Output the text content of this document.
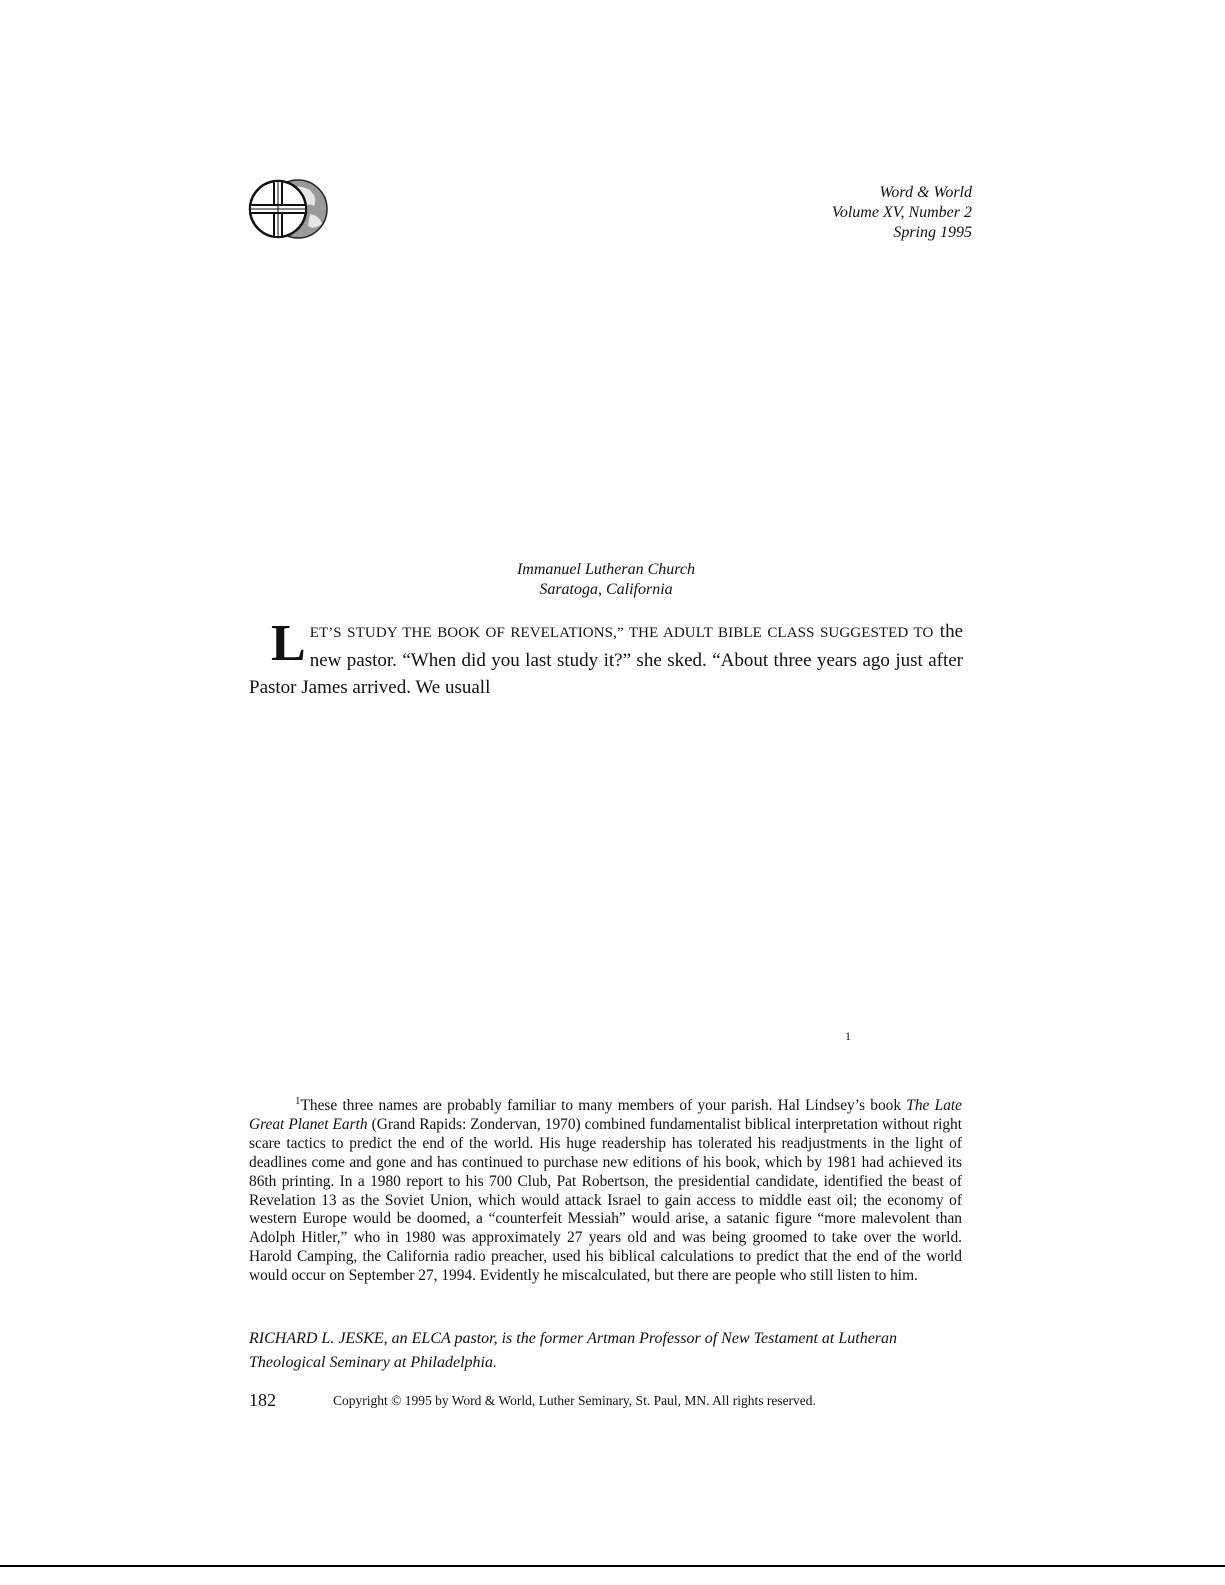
Word & World
Volume XV, Number 2
Spring 1995
Immanuel Lutheran Church
Saratoga, California
L ET’S STUDY THE BOOK OF REVELATIONS,” THE ADULT BIBLE CLASS SUGGESTED TO the new pastor. “When did you last study it?” she sked. “About three years ago just after Pastor James arrived. We usuall
1

$^1$These three names are probably familiar to many members of your parish. Hal Lindsey’s book The Late Great Planet Earth (Grand Rapids: Zondervan, 1970) combined fundamentalist biblical interpretation without right scare tactics to predict the end of the world. His huge readership has tolerated his readjustments in the light of deadlines come and gone and has continued to purchase new editions of his book, which by 1981 had achieved its 86th printing. In a 1980 report to his 700 Club, Pat Robertson, the presidential candidate, identified the beast of Revelation 13 as the Soviet Union, which would attack Israel to gain access to middle east oil; the economy of western Europe would be doomed, a “counterfeit Messiah” would arise, a satanic figure “more malevolent than Adolph Hitler,” who in 1980 was approximately 27 years old and was being groomed to take over the world. Harold Camping, the California radio preacher, used his biblical calculations to predict that the end of the world would occur on September 27, 1994. Evidently he miscalculated, but there are people who still listen to him.

RICHARD L. JESKE, an ELCA pastor, is the former Artman Professor of New Testament at Lutheran Theological Seminary at Philadelphia.

182	Copyright © 1995 by Word & World, Luther Seminary, St. Paul, MN. All rights reserved.
